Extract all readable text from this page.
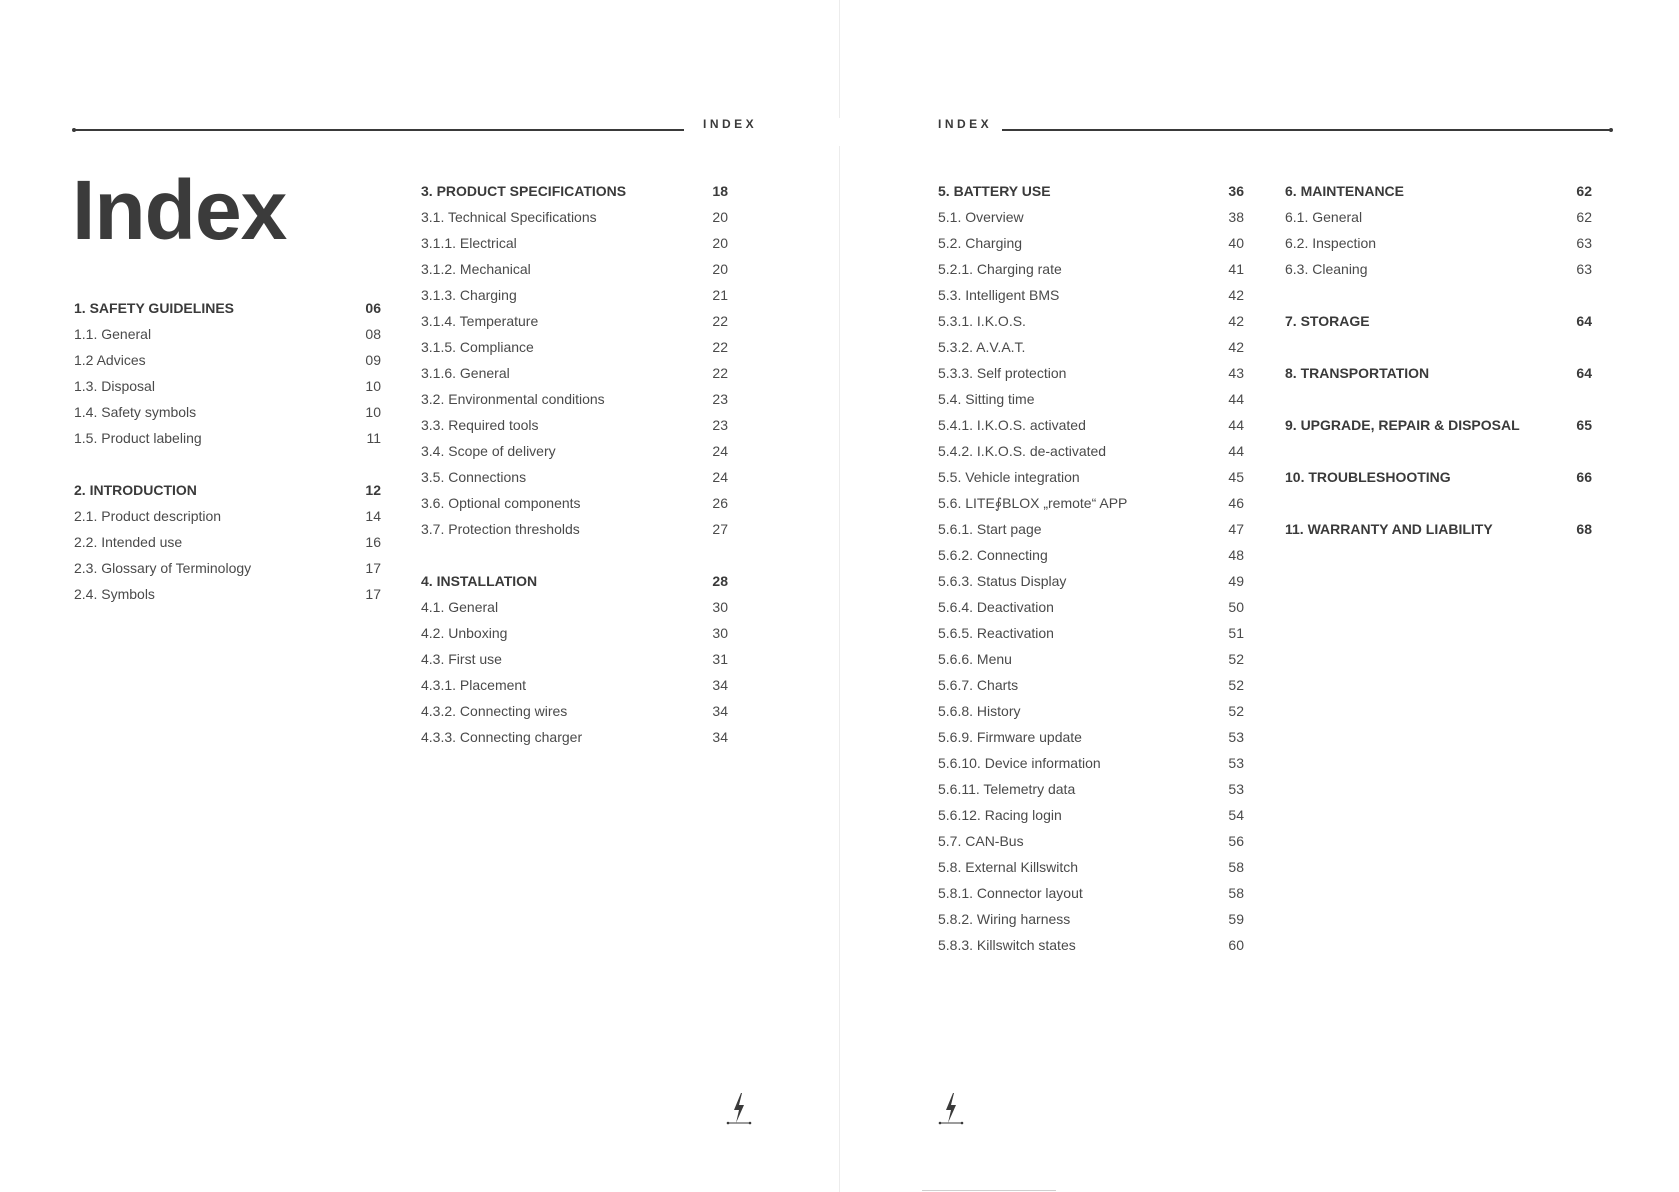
INDEX	INDEX
Index
1. SAFETY GUIDELINES	06
1.1. General	08
1.2 Advices	09
1.3. Disposal	10
1.4. Safety symbols	10
1.5. Product labeling	11
2. INTRODUCTION	12
2.1. Product description	14
2.2. Intended use	16
2.3. Glossary of Terminology	17
2.4. Symbols	17
3. PRODUCT SPECIFICATIONS	18
3.1. Technical Specifications	20
3.1.1. Electrical	20
3.1.2. Mechanical	20
3.1.3. Charging	21
3.1.4. Temperature	22
3.1.5. Compliance	22
3.1.6. General	22
3.2. Environmental conditions	23
3.3. Required tools	23
3.4. Scope of delivery	24
3.5. Connections	24
3.6. Optional components	26
3.7. Protection thresholds	27
4. INSTALLATION	28
4.1. General	30
4.2. Unboxing	30
4.3. First use	31
4.3.1. Placement	34
4.3.2. Connecting wires	34
4.3.3. Connecting charger	34
5. BATTERY USE	36
5.1. Overview	38
5.2. Charging	40
5.2.1. Charging rate	41
5.3. Intelligent BMS	42
5.3.1. I.K.O.S.	42
5.3.2. A.V.A.T.	42
5.3.3. Self protection	43
5.4. Sitting time	44
5.4.1. I.K.O.S. activated	44
5.4.2. I.K.O.S. de-activated	44
5.5. Vehicle integration	45
5.6. LITE∮BLOX „remote“ APP	46
5.6.1. Start page	47
5.6.2. Connecting	48
5.6.3. Status Display	49
5.6.4. Deactivation	50
5.6.5. Reactivation	51
5.6.6. Menu	52
5.6.7. Charts	52
5.6.8. History	52
5.6.9. Firmware update	53
5.6.10. Device information	53
5.6.11. Telemetry data	53
5.6.12. Racing login	54
5.7. CAN-Bus	56
5.8. External Killswitch	58
5.8.1. Connector layout	58
5.8.2. Wiring harness	59
5.8.3. Killswitch states	60
6. MAINTENANCE	62
6.1. General	62
6.2. Inspection	63
6.3. Cleaning	63
7. STORAGE	64
8. TRANSPORTATION	64
9. UPGRADE, REPAIR & DISPOSAL	65
10. TROUBLESHOOTING	66
11. WARRANTY AND LIABILITY	68
